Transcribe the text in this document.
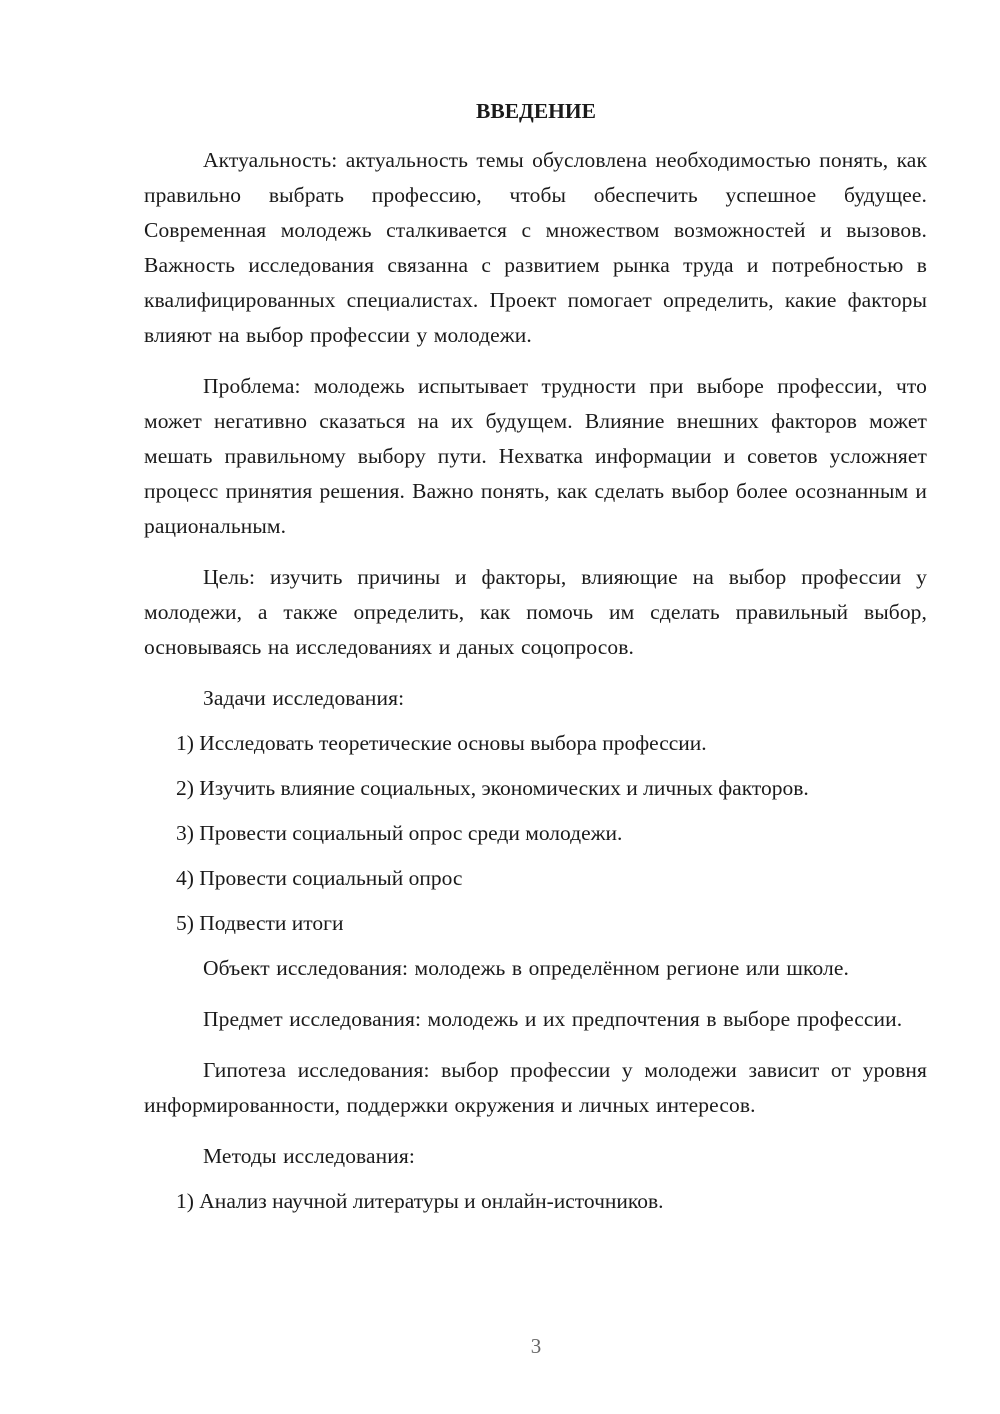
ВВЕДЕНИЕ

Актуальность: актуальность темы обусловлена необходимостью понять, как правильно выбрать профессию, чтобы обеспечить успешное будущее. Современная молодежь сталкивается с множеством возможностей и вызовов. Важность исследования связанна с развитием рынка труда и потребностью в квалифицированных специалистах. Проект помогает определить, какие факторы влияют на выбор профессии у молодежи.

Проблема: молодежь испытывает трудности при выборе профессии, что может негативно сказаться на их будущем. Влияние внешних факторов может мешать правильному выбору пути. Нехватка информации и советов усложняет процесс принятия решения. Важно понять, как сделать выбор более осознанным и рациональным.

Цель: изучить причины и факторы, влияющие на выбор профессии у молодежи, а также определить, как помочь им сделать правильный выбор, основываясь на исследованиях и даных соцопросов.

Задачи исследования:

1) Исследовать теоретические основы выбора профессии.

2) Изучить влияние социальных, экономических и личных факторов.

3) Провести социальный опрос среди молодежи.

4) Провести социальный опрос

5) Подвести итоги

Объект исследования: молодежь в определённом регионе или школе.

Предмет исследования: молодежь и их предпочтения в выборе профессии.

Гипотеза исследования: выбор профессии у молодежи зависит от уровня информированности, поддержки окружения и личных интересов.

Методы исследования:

1) Анализ научной литературы и онлайн-источников.

3
